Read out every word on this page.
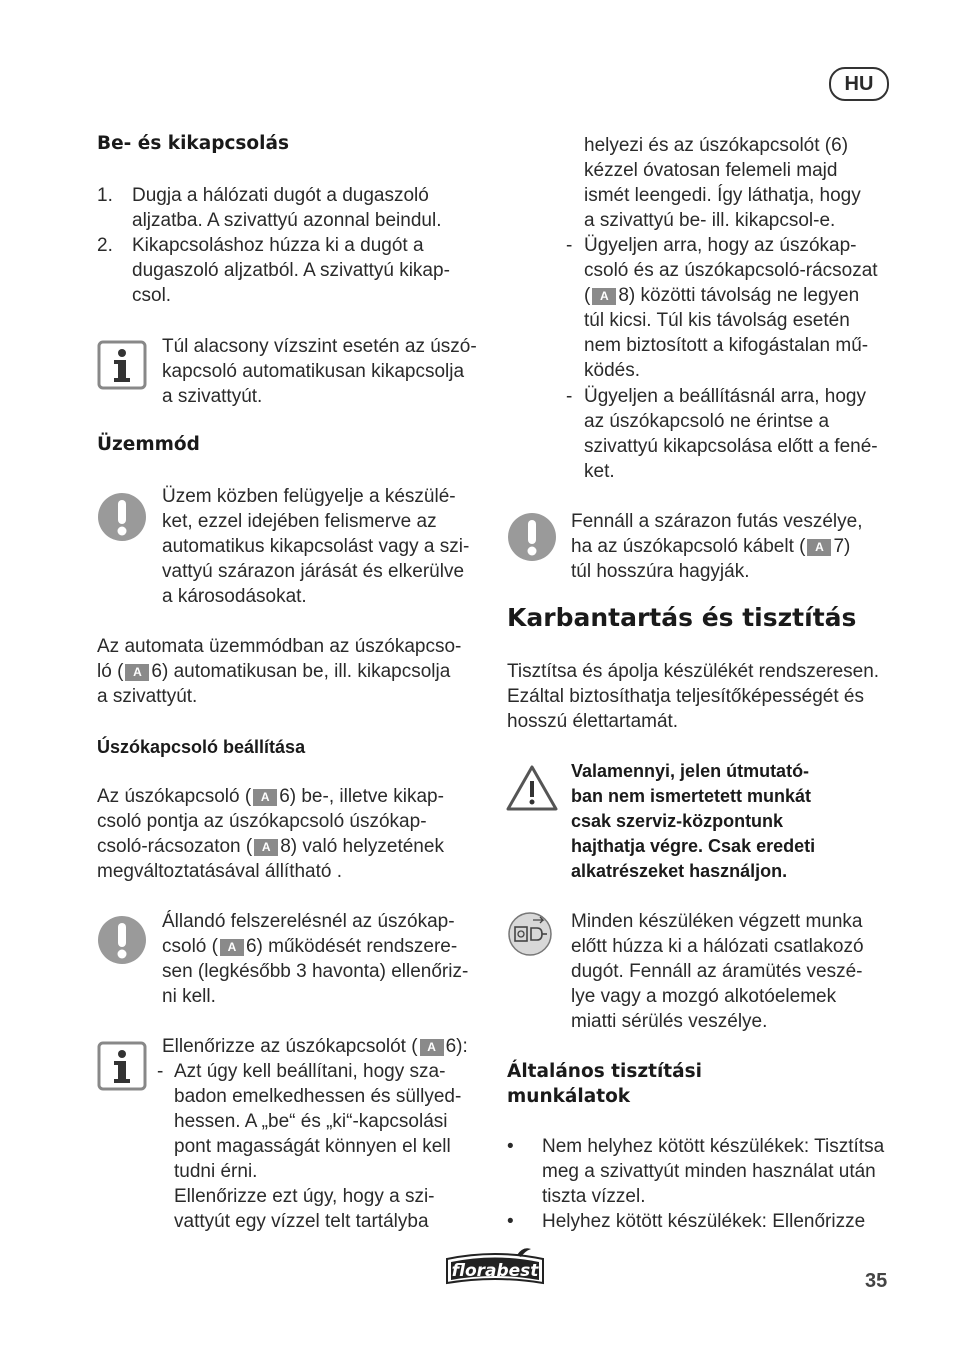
HU
Be- és kikapcsolás
1.	Dugja a hálózati dugót a dugaszoló
aljzatba. A szivattyú azonnal beindul.
2.	Kikapcsoláshoz húzza ki a dugót a
dugaszoló aljzatból. A szivattyú kikap-
csol.
Túl alacsony vízszint esetén az úszó-
kapcsoló automatikusan kikapcsolja
a szivattyút.
Üzemmód
Üzem közben felügyelje a készülé-
ket, ezzel idejében felismerve az
automatikus kikapcsolást vagy a szi-
vattyú szárazon járását és elkerülve
a károsodásokat.
Az automata üzemmódban az úszókapcso-
ló ( A 6) automatikusan be, ill. kikapcsolja
a szivattyút.
Úszókapcsoló beállítása
Az úszókapcsoló ( A 6) be-, illetve kikap-
csoló pontja az úszókapcsoló úszókap-
csoló-rácsozaton ( A 8) való helyzetének
megváltoztatásával állítható .
Állandó felszerelésnél az úszókap-
csoló ( A 6) működését rendszere-
sen (legkésőbb 3 havonta) ellenőriz-
ni kell.
Ellenőrizze az úszókapcsolót ( A 6):
- Azt úgy kell beállítani, hogy sza-
badon emelkedhessen és süllyed-
hessen. A „be“ és „ki“-kapcsolási
pont magasságát könnyen el kell
tudni érni.
Ellenőrizze ezt úgy, hogy a szi-
vattyút egy vízzel telt tartályba
helyezi és az úszókapcsolót (6)
kézzel óvatosan felemeli majd
ismét leengedi. Így láthatja, hogy
a szivattyú be- ill. kikapcsol-e.
- Ügyeljen arra, hogy az úszókap-
csoló és az úszókapcsoló-rácsozat
( A 8) közötti távolság ne legyen
túl kicsi. Túl kis távolság esetén
nem biztosított a kifogástalan mű-
ködés.
- Ügyeljen a beállításnál arra, hogy
az úszókapcsoló ne érintse a
szivattyú kikapcsolása előtt a fené-
ket.
Fennáll a szárazon futás veszélye,
ha az úszókapcsoló kábelt ( A 7)
túl hosszúra hagyják.
Karbantartás és tisztítás
Tisztítsa és ápolja készülékét rendszeresen.
Ezáltal biztosíthatja teljesítőképességét és
hosszú élettartamát.
Valamennyi, jelen útmutató-
ban nem ismertetett munkát
csak szerviz-központunk
hajthatja végre. Csak eredeti
alkatrészeket használjon.
Minden készüléken végzett munka
előtt húzza ki a hálózati csatlakozó
dugót. Fennáll az áramütés veszé-
lye vagy a mozgó alkotóelemek
miatti sérülés veszélye.
Általános tisztítási
munkálatok
•	Nem helyhez kötött készülékek: Tisztítsa
meg a szivattyút minden használat után
tiszta vízzel.
•	Helyhez kötött készülékek: Ellenőrizze
florabest	35
